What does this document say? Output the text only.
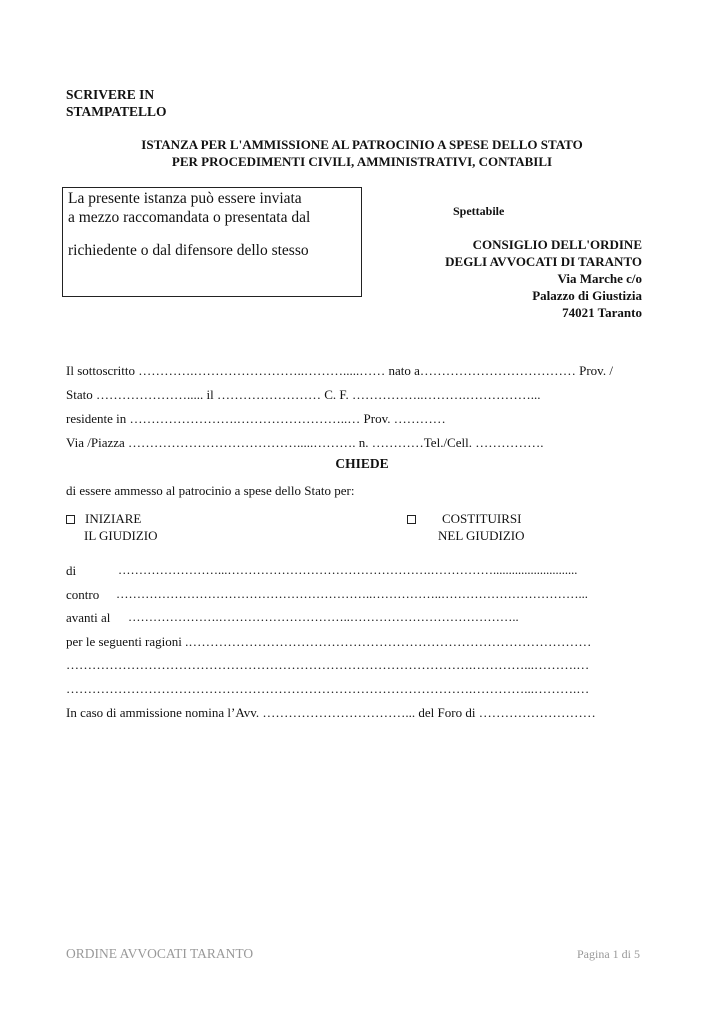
SCRIVERE IN
STAMPATELLO
ISTANZA PER L'AMMISSIONE AL PATROCINIO A SPESE DELLO STATO
PER PROCEDIMENTI CIVILI, AMMINISTRATIVI, CONTABILI
La presente istanza può essere inviata
a mezzo raccomandata o presentata dal
richiedente o dal difensore dello stesso
Spettabile
CONSIGLIO DELL'ORDINE
DEGLI AVVOCATI DI TARANTO
Via Marche c/o
Palazzo di Giustizia
74021 Taranto
Il sottoscritto ………….……………………..……….....…… nato a……………………………… Prov. /
Stato …………………..... il …………………… C. F. ……………..……….……………...
residente in …………………….……………………..… Prov. …………
Via /Piazza ………………………………….....………. n. …………Tel./Cell. …………….
CHIEDE
di essere ammesso al patrocinio a spese dello Stato per:
INIZIARE
IL GIUDIZIO
COSTITUIRSI
NEL GIUDIZIO
di	……………………...………………………………………….……………...........................
contro ……………………………………………………..……………..……………………………...
avanti al ………………….…………………………..…………………………………..
per le seguenti ragioni .…………………………………………………………………………………
………………………………………………………………………………….…………...……….…
………………………………………………………………………………….…………...……….…
In caso di ammissione nomina l’Avv. ……………………………... del Foro di ………………………
ORDINE AVVOCATI TARANTO	Pagina 1 di 5
